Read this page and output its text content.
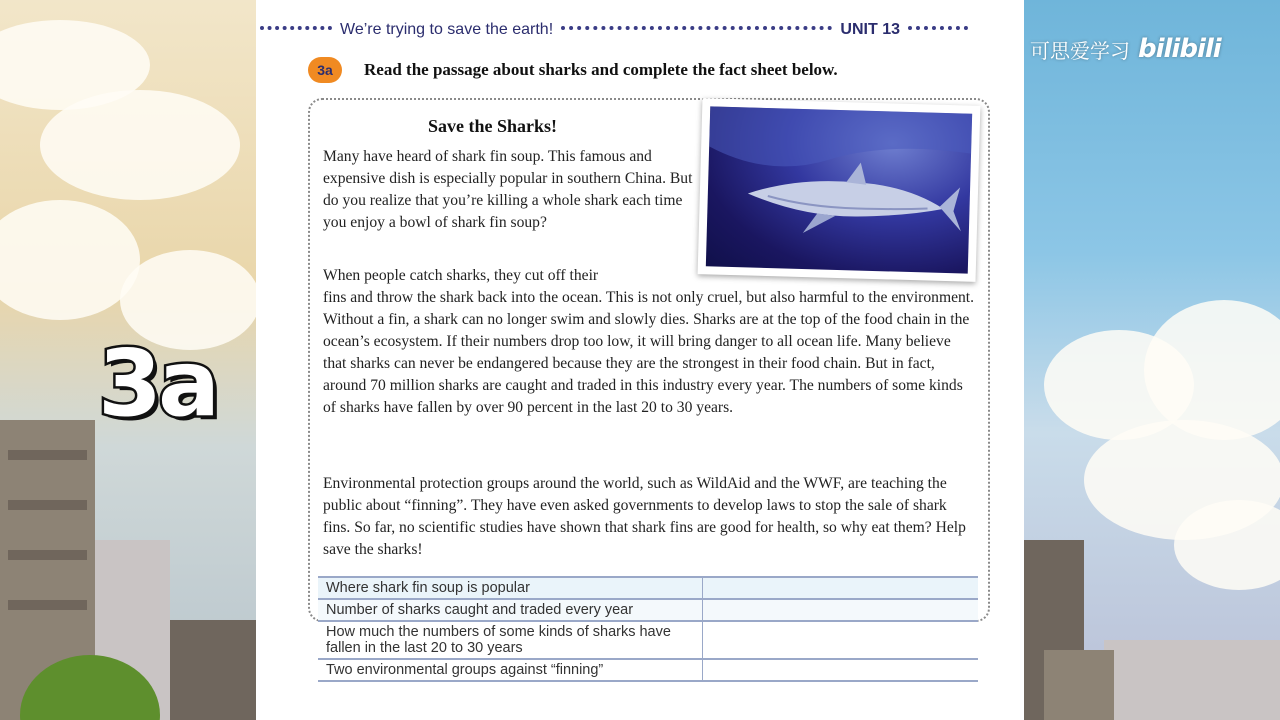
3a
可思爱学习 bilibili
We’re trying to save the earth!	UNIT 13
3a	Read the passage about sharks and complete the fact sheet below.
Save the Sharks!

Many have heard of shark fin soup. This famous and expensive dish is especially popular in southern China. But do you realize that you’re killing a whole shark each time you enjoy a bowl of shark fin soup?

When people catch sharks, they cut off their

fins and throw the shark back into the ocean. This is not only cruel, but also harmful to the environment. Without a fin, a shark can no longer swim and slowly dies. Sharks are at the top of the food chain in the ocean’s ecosystem. If their numbers drop too low, it will bring danger to all ocean life. Many believe that sharks can never be endangered because they are the strongest in their food chain. But in fact, around 70 million sharks are caught and traded in this industry every year. The numbers of some kinds of sharks have fallen by over 90 percent in the last 20 to 30 years.

Environmental protection groups around the world, such as WildAid and the WWF, are teaching the public about “finning”. They have even asked governments to develop laws to stop the sale of shark fins. So far, no scientific studies have shown that shark fins are good for health, so why eat them? Help save the sharks!

Where shark fin soup is popular	
Number of sharks caught and traded every year	
How much the numbers of some kinds of sharks have fallen in the last 20 to 30 years	
Two environmental groups against “finning”	
